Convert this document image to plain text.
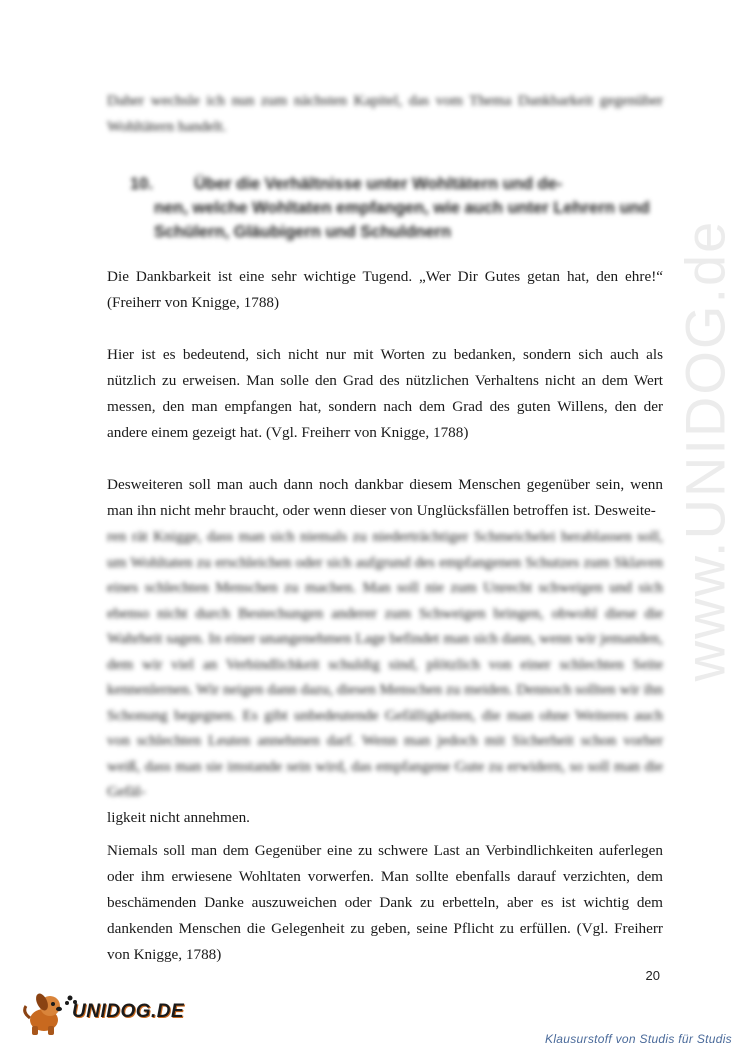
www.UNIDOG.de
Daher wechsle ich nun zum nächsten Kapitel, das vom Thema Dankbarkeit gegenüber Wohltätern handelt.
10. Über die Verhältnisse unter Wohltätern und de-
nen, welche Wohltaten empfangen, wie auch unter Lehrern und Schülern, Gläubigern und Schuldnern
Die Dankbarkeit ist eine sehr wichtige Tugend. „Wer Dir Gutes getan hat, den ehre!“ (Freiherr von Knigge, 1788)
Hier ist es bedeutend, sich nicht nur mit Worten zu bedanken, sondern sich auch als nützlich zu erweisen. Man solle den Grad des nützlichen Verhaltens nicht an dem Wert messen, den man empfangen hat, sondern nach dem Grad des guten Willens, den der andere einem gezeigt hat. (Vgl. Freiherr von Knigge, 1788)
Desweiteren soll man auch dann noch dankbar diesem Menschen gegenüber sein, wenn man ihn nicht mehr braucht, oder wenn dieser von Unglücksfällen betroffen ist. Desweite-
ren rät Knigge, dass man sich niemals zu niederträchtiger Schmeichelei herablassen soll, um Wohltaten zu erschleichen oder sich aufgrund des empfangenen Schutzes zum Sklaven eines schlechten Menschen zu machen. Man soll nie zum Unrecht schweigen und sich ebenso nicht durch Bestechungen anderer zum Schweigen bringen, obwohl diese die Wahrheit sagen. In einer unangenehmen Lage befindet man sich dann, wenn wir jemanden, dem wir viel an Verbindlichkeit schuldig sind, plötzlich von einer schlechten Seite kennenlernen. Wir neigen dann dazu, diesen Menschen zu meiden. Dennoch sollten wir ihn Schonung begegnen. Es gibt unbedeutende Gefälligkeiten, die man ohne Weiteres auch von schlechten Leuten annehmen darf. Wenn man jedoch mit Sicherheit schon vorher weiß, dass man sie imstande sein wird, das empfangene Gute zu erwidern, so soll man die Gefäl-
ligkeit nicht annehmen.
Niemals soll man dem Gegenüber eine zu schwere Last an Verbindlichkeiten auferlegen oder ihm erwiesene Wohltaten vorwerfen. Man sollte ebenfalls darauf verzichten, dem beschämenden Danke auszuweichen oder Dank zu erbetteln, aber es ist wichtig dem dankenden Menschen die Gelegenheit zu geben, seine Pflicht zu erfüllen. (Vgl. Freiherr von Knigge, 1788)
20
UNIDOG.DE
Klausurstoff von Studis für Studis
